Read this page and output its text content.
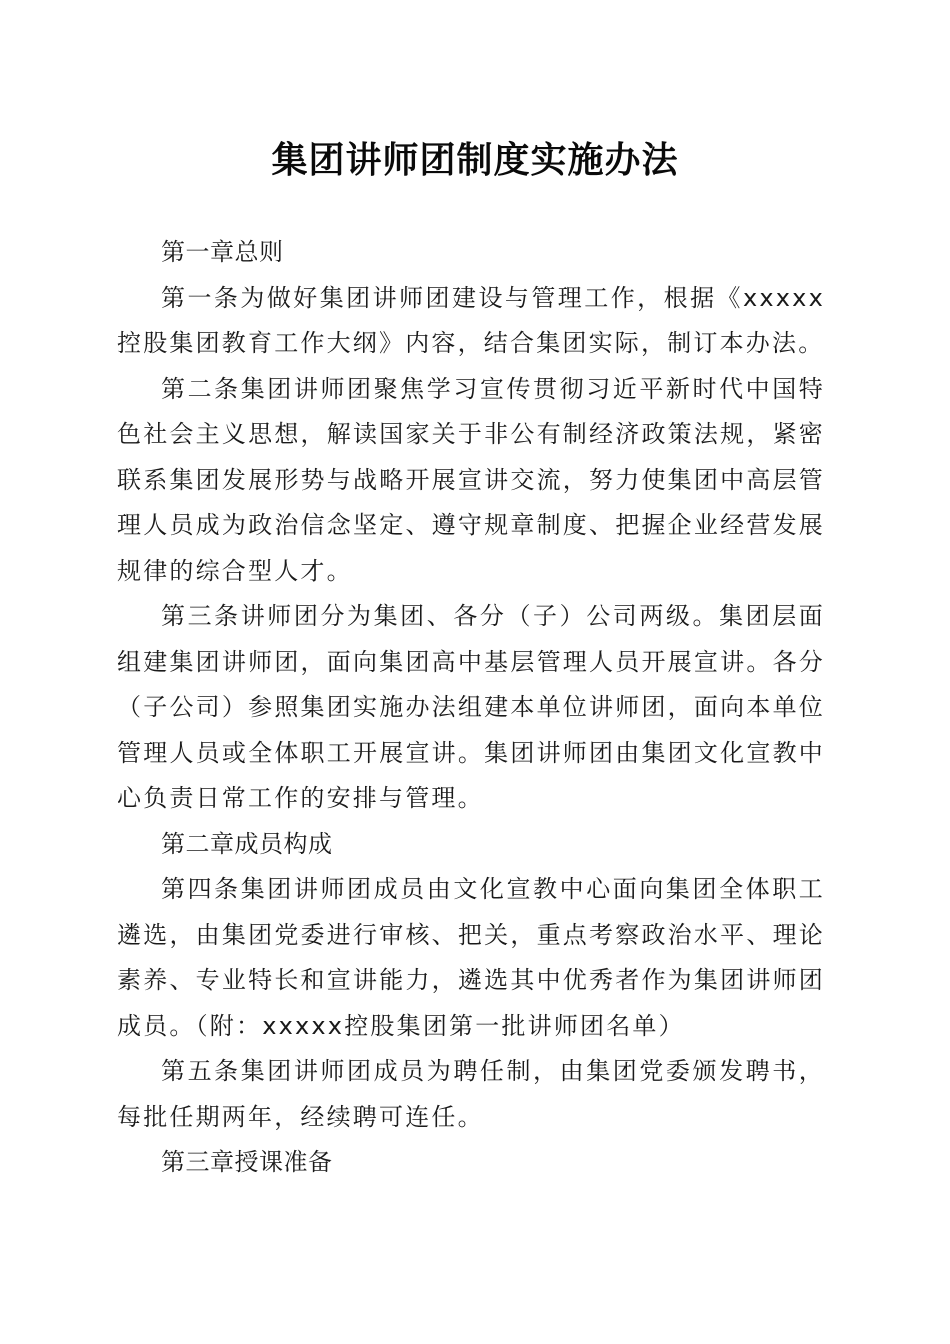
集团讲师团制度实施办法

第一章总则

第一条为做好集团讲师团建设与管理工作，根据《xxxxx控股集团教育工作大纲》内容，结合集团实际，制订本办法。

第二条集团讲师团聚焦学习宣传贯彻习近平新时代中国特色社会主义思想，解读国家关于非公有制经济政策法规，紧密联系集团发展形势与战略开展宣讲交流，努力使集团中高层管理人员成为政治信念坚定、遵守规章制度、把握企业经营发展规律的综合型人才。

第三条讲师团分为集团、各分（子）公司两级。集团层面组建集团讲师团，面向集团高中基层管理人员开展宣讲。各分（子公司）参照集团实施办法组建本单位讲师团，面向本单位管理人员或全体职工开展宣讲。集团讲师团由集团文化宣教中心负责日常工作的安排与管理。

第二章成员构成

第四条集团讲师团成员由文化宣教中心面向集团全体职工遴选，由集团党委进行审核、把关，重点考察政治水平、理论素养、专业特长和宣讲能力，遴选其中优秀者作为集团讲师团成员。（附：xxxxx控股集团第一批讲师团名单）

第五条集团讲师团成员为聘任制，由集团党委颁发聘书，每批任期两年，经续聘可连任。

第三章授课准备
